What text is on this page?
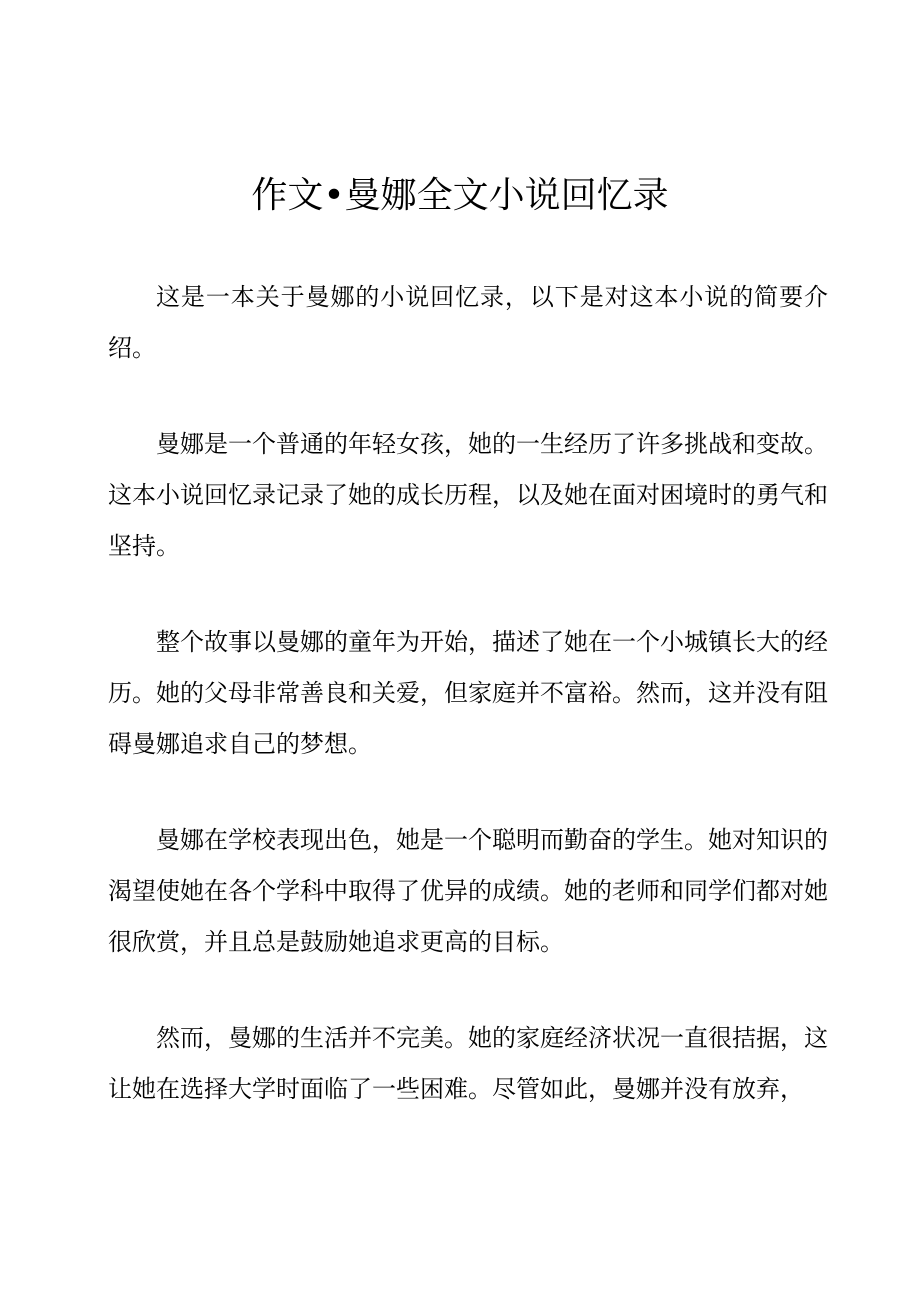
作文•曼娜全文小说回忆录

这是一本关于曼娜的小说回忆录，以下是对这本小说的简要介绍。

曼娜是一个普通的年轻女孩，她的一生经历了许多挑战和变故。这本小说回忆录记录了她的成长历程，以及她在面对困境时的勇气和坚持。

整个故事以曼娜的童年为开始，描述了她在一个小城镇长大的经历。她的父母非常善良和关爱，但家庭并不富裕。然而，这并没有阻碍曼娜追求自己的梦想。

曼娜在学校表现出色，她是一个聪明而勤奋的学生。她对知识的渴望使她在各个学科中取得了优异的成绩。她的老师和同学们都对她很欣赏，并且总是鼓励她追求更高的目标。

然而，曼娜的生活并不完美。她的家庭经济状况一直很拮据，这让她在选择大学时面临了一些困难。尽管如此，曼娜并没有放弃，
